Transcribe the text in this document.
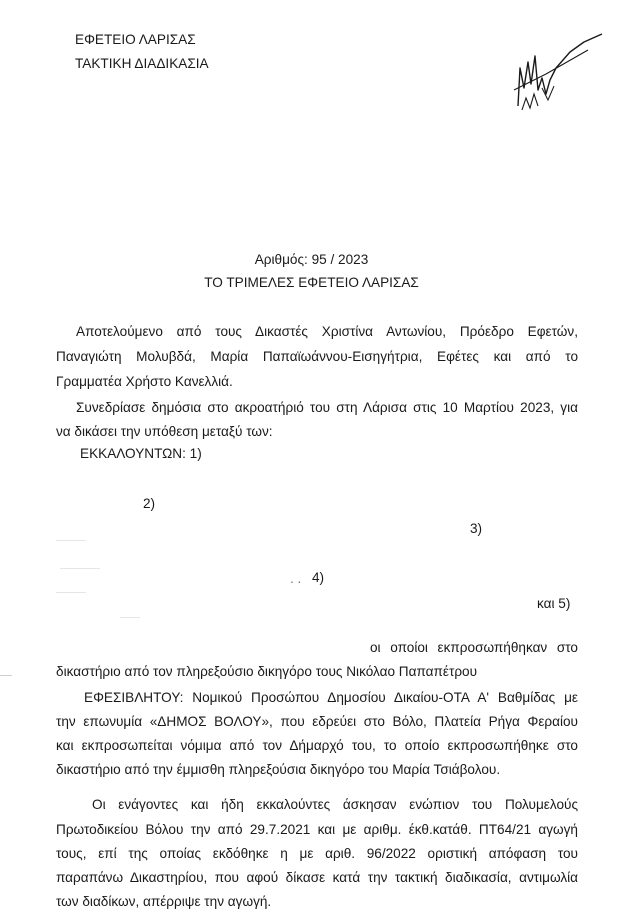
ΕΦΕΤΕΙΟ ΛΑΡΙΣΑΣ
ΤΑΚΤΙΚΗ ΔΙΑΔΙΚΑΣΙΑ
Αριθμός: 95 / 2023
ΤΟ ΤΡΙΜΕΛΕΣ ΕΦΕΤΕΙΟ ΛΑΡΙΣΑΣ
Αποτελούμενο από τους Δικαστές Χριστίνα Αντωνίου, Πρόεδρο Εφετών,
Παναγιώτη Μολυβδά, Μαρία Παπαϊωάννου-Εισηγήτρια, Εφέτες και από το
Γραμματέα Χρήστο Κανελλιά.
Συνεδρίασε δημόσια στο ακροατήριό του στη Λάρισα στις 10 Μαρτίου 2023, για
να δικάσει την υπόθεση μεταξύ των:
ΕΚΚΑΛΟΥΝΤΩΝ: 1)
2)
3)
. . 4)
και 5)
οι οποίοι εκπροσωπήθηκαν στο
δικαστήριο από τον πληρεξούσιο δικηγόρο τους Νικόλαο Παπαπέτρου
ΕΦΕΣΙΒΛΗΤΟΥ: Νομικού Προσώπου Δημοσίου Δικαίου-ΟΤΑ Α' Βαθμίδας με
την επωνυμία «ΔΗΜΟΣ ΒΟΛΟΥ», που εδρεύει στο Βόλο, Πλατεία Ρήγα Φεραίου
και εκπροσωπείται νόμιμα από τον Δήμαρχό του, το οποίο εκπροσωπήθηκε στο
δικαστήριο από την έμμισθη πληρεξούσια δικηγόρο του Μαρία Τσιάβολου.
Οι ενάγοντες και ήδη εκκαλούντες άσκησαν ενώπιον του Πολυμελούς
Πρωτοδικείου Βόλου την από 29.7.2021 και με αριθμ. έκθ.κατάθ. ΠΤ64/21 αγωγή
τους, επί της οποίας εκδόθηκε η με αριθ. 96/2022 οριστική απόφαση του
παραπάνω Δικαστηρίου, που αφού δίκασε κατά την τακτική διαδικασία, αντιμωλία
των διαδίκων, απέρριψε την αγωγή.
